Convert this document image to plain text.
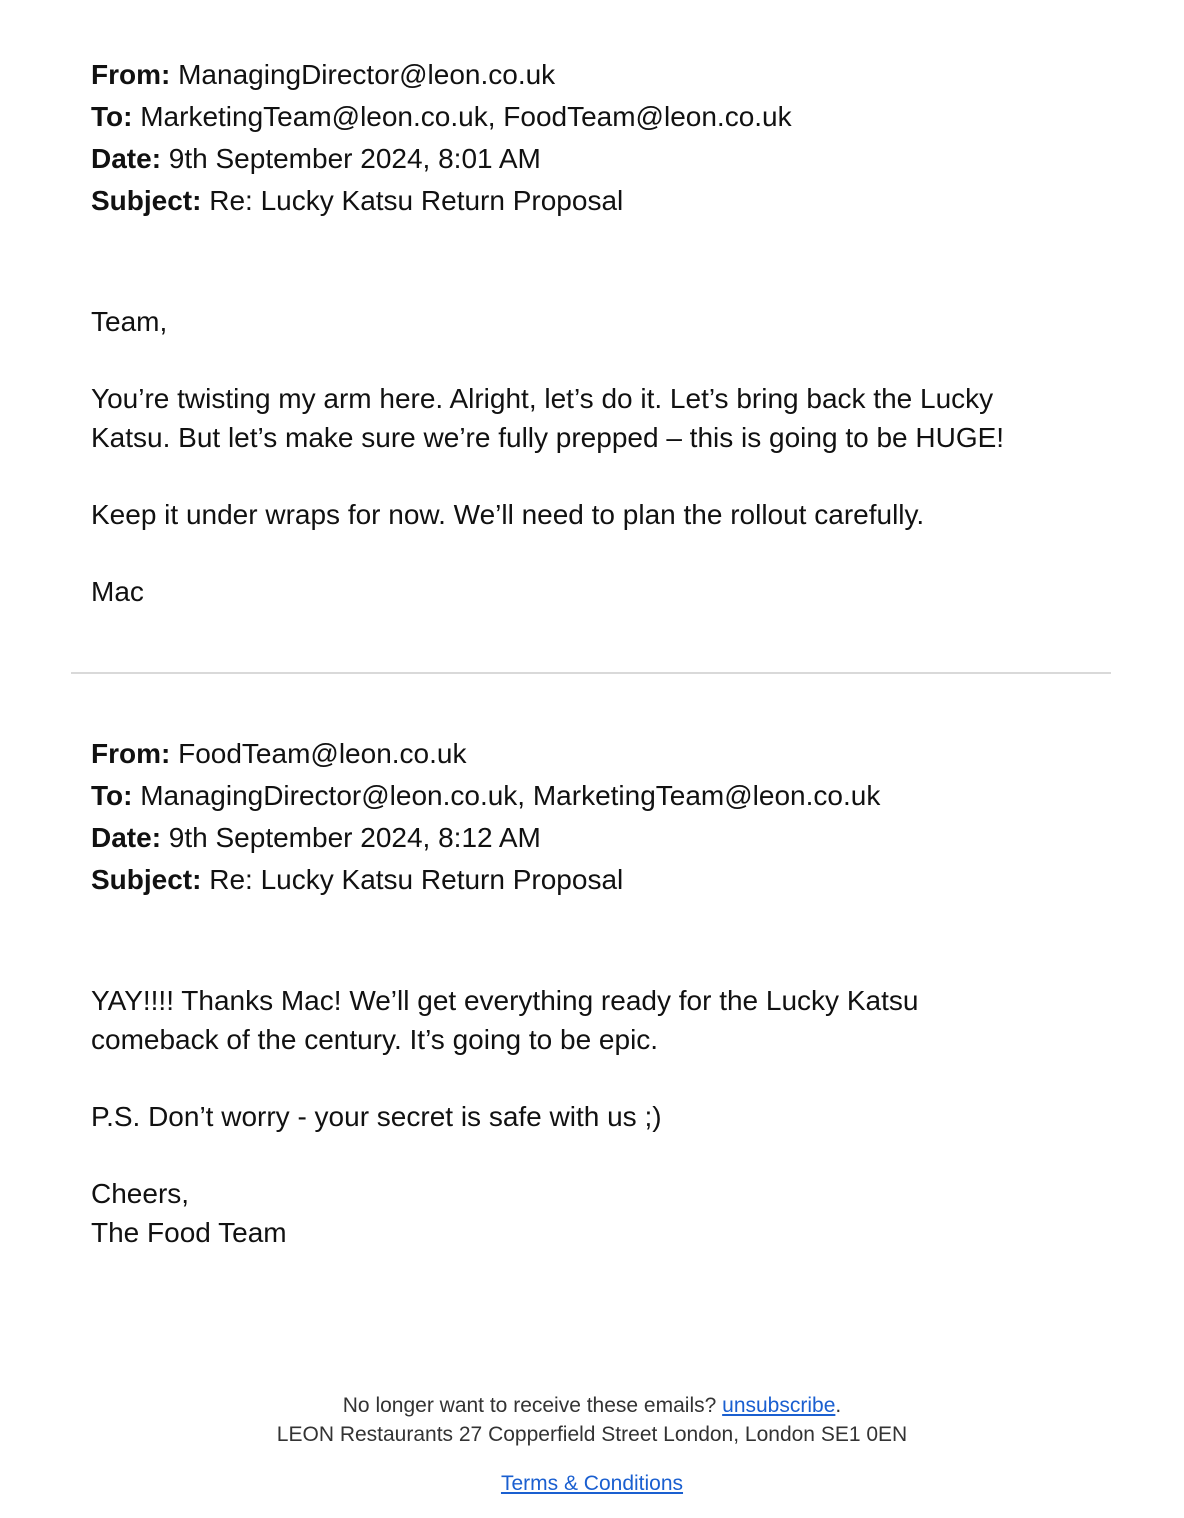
From: ManagingDirector@leon.co.uk
To: MarketingTeam@leon.co.uk, FoodTeam@leon.co.uk
Date: 9th September 2024, 8:01 AM
Subject: Re: Lucky Katsu Return Proposal

Team,

You’re twisting my arm here. Alright, let’s do it. Let’s bring back the Lucky

Katsu. But let’s make sure we’re fully prepped – this is going to be HUGE!

Keep it under wraps for now. We’ll need to plan the rollout carefully.

Mac

From: FoodTeam@leon.co.uk
To: ManagingDirector@leon.co.uk, MarketingTeam@leon.co.uk
Date: 9th September 2024, 8:12 AM
Subject: Re: Lucky Katsu Return Proposal

YAY!!!! Thanks Mac! We’ll get everything ready for the Lucky Katsu

comeback of the century. It’s going to be epic.

P.S. Don’t worry - your secret is safe with us ;)

Cheers,

The Food Team

No longer want to receive these emails? unsubscribe.
LEON Restaurants 27 Copperfield Street London, London SE1 0EN
Terms & Conditions
